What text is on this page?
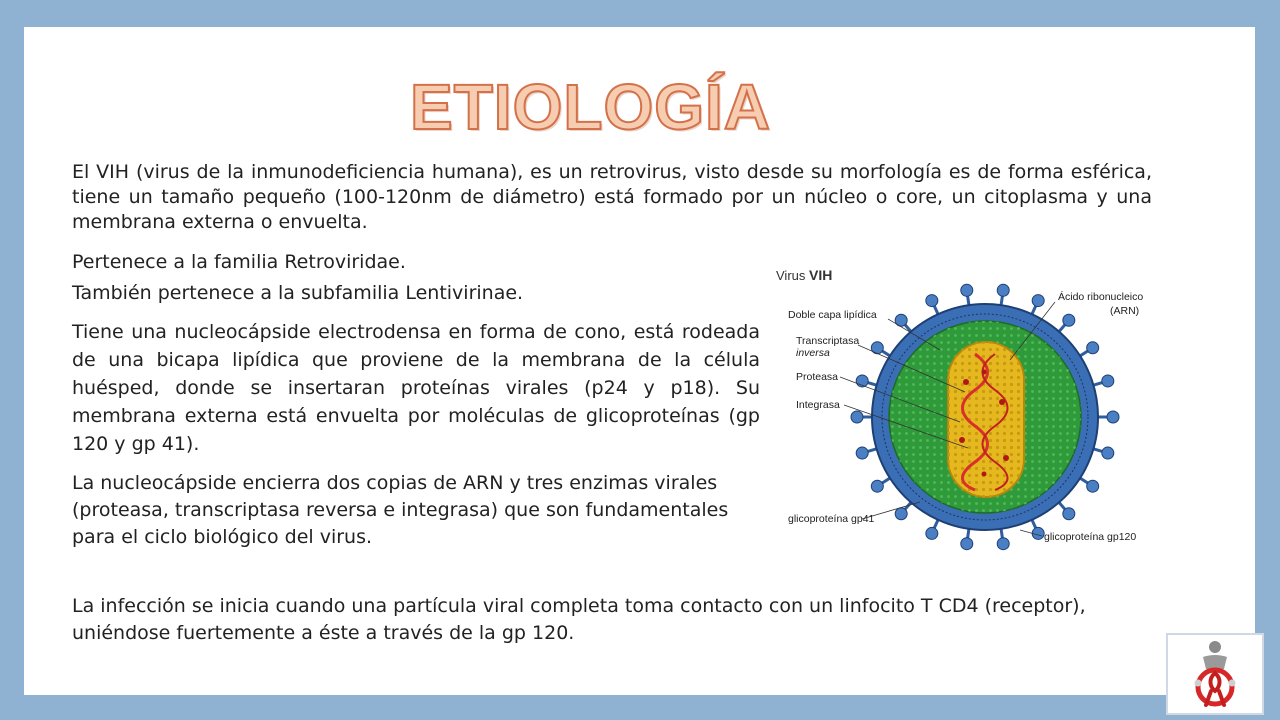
ETIOLOGÍA

El VIH (virus de la inmunodeficiencia humana), es un retrovirus, visto desde su morfología es de forma esférica, tiene un tamaño pequeño (100-120nm de diámetro) está formado por un núcleo o core, un citoplasma y una membrana externa o envuelta.

Pertenece a la familia Retroviridae.

También pertenece a la subfamilia Lentivirinae.

Tiene una nucleocápside electrodensa en forma de cono, está rodeada de una bicapa lipídica que proviene de la membrana de la célula huésped, donde se insertaran proteínas virales (p24 y p18). Su membrana externa está envuelta por moléculas de glicoproteínas (gp 120 y gp 41).

La nucleocápside encierra dos copias de ARN y tres enzimas virales (proteasa, transcriptasa reversa e integrasa) que son fundamentales para el ciclo biológico del virus.

La infección se inicia cuando una partícula viral completa toma contacto con un linfocito T CD4 (receptor), uniéndose fuertemente a éste a través de la gp 120.

Virus VIH
Ácido ribonucleico
(ARN)
Doble capa lipídica
Transcriptasa
inversa
Proteasa
Integrasa
glicoproteína gp41
glicoproteína gp120
